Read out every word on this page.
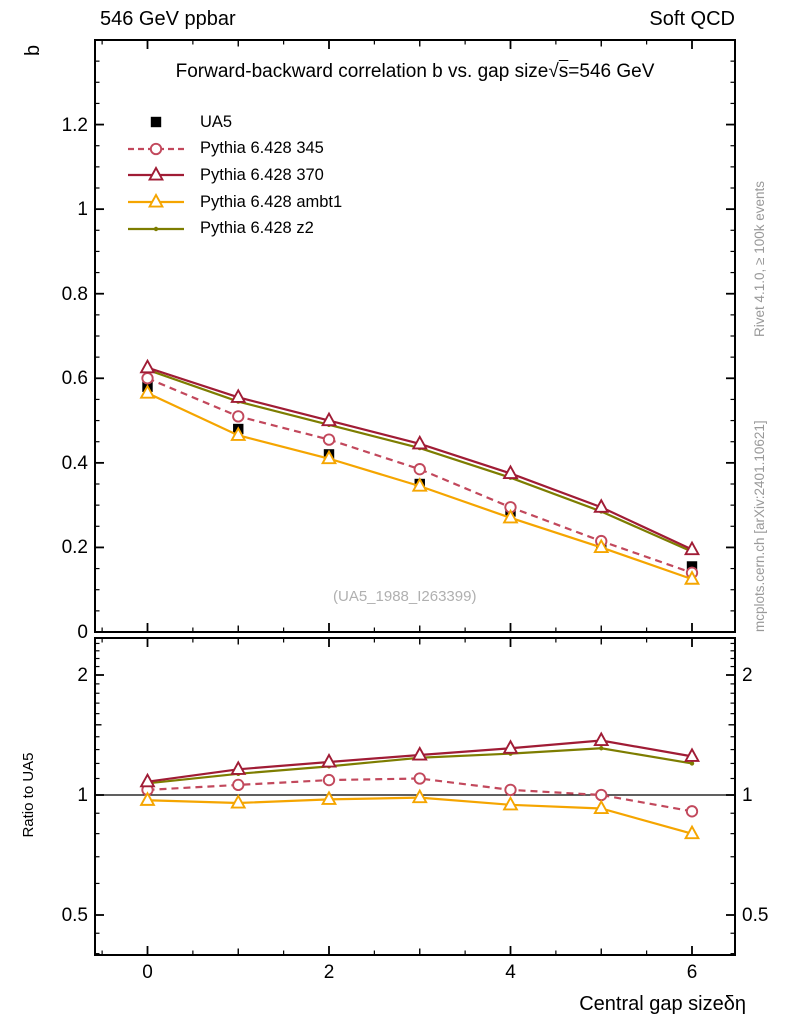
546 GeV ppbar	Soft QCD
Forward-backward correlation b vs. gap size√s=546 GeV
b
Ratio to UA5
Rivet 4.1.0, ≥ 100k events
mcplots.cern.ch [arXiv:2401.10621]
(UA5_1988_I263399)
Central gap sizeδη
UA5
Pythia 6.428 345
Pythia 6.428 370
Pythia 6.428 ambt1
Pythia 6.428 z2
0
0.2
0.4
0.6
0.8
1
1.2
0.5	0.5
1	1
2	2
0	2	4	6
